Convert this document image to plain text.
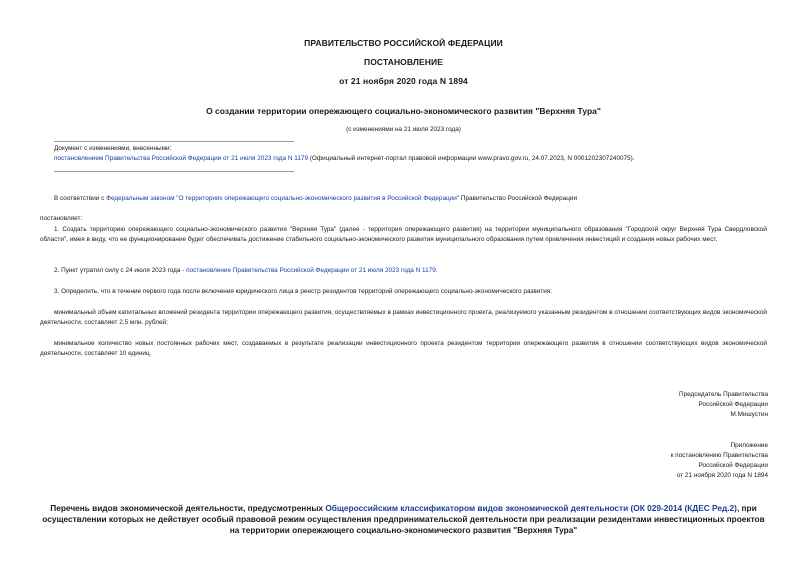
ПРАВИТЕЛЬСТВО РОССИЙСКОЙ ФЕДЕРАЦИИ
ПОСТАНОВЛЕНИЕ
от 21 ноября 2020 года N 1894
О создании территории опережающего социально-экономического развития "Верхняя Тура"
(с изменениями на 21 июля 2023 года)
Документ с изменениями, внесенными:
постановлением Правительства Российской Федерации от 21 июля 2023 года N 1179 (Официальный интернет-портал правовой информации www.pravo.gov.ru, 24.07.2023, N 0001202307240075).
В соответствии с Федеральным законом "О территориях опережающего социально-экономического развития в Российской Федерации" Правительство Российской Федерации
постановляет:
1. Создать территорию опережающего социально-экономического развития "Верхняя Тура" (далее - территория опережающего развития) на территории муниципального образования "Городской округ Верхняя Тура Свердловской области", имея в виду, что ее функционирование будет обеспечивать достижение стабильного социально-экономического развития муниципального образования путем привлечения инвестиций и создания новых рабочих мест.
2. Пункт утратил силу с 24 июля 2023 года - постановление Правительства Российской Федерации от 21 июля 2023 года N 1179.
3. Определить, что в течение первого года после включения юридического лица в реестр резидентов территорий опережающего социально-экономического развития:
минимальный объем капитальных вложений резидента территории опережающего развития, осуществляемых в рамках инвестиционного проекта, реализуемого указанным резидентом в отношении соответствующих видов экономической деятельности, составляет 2,5 млн. рублей;
минимальное количество новых постоянных рабочих мест, создаваемых в результате реализации инвестиционного проекта резидентом территории опережающего развития в отношении соответствующих видов экономической деятельности, составляет 10 единиц.
Председатель Правительства
Российской Федерации
М.Мишустин
Приложение
к постановлению Правительства
Российской Федерации
от 21 ноября 2020 года N 1894
Перечень видов экономической деятельности, предусмотренных Общероссийским классификатором видов экономической деятельности (ОК 029-2014 (КДЕС Ред.2), при осуществлении которых не действует особый правовой режим осуществления предпринимательской деятельности при реализации резидентами инвестиционных проектов на территории опережающего социально-экономического развития "Верхняя Тура"
